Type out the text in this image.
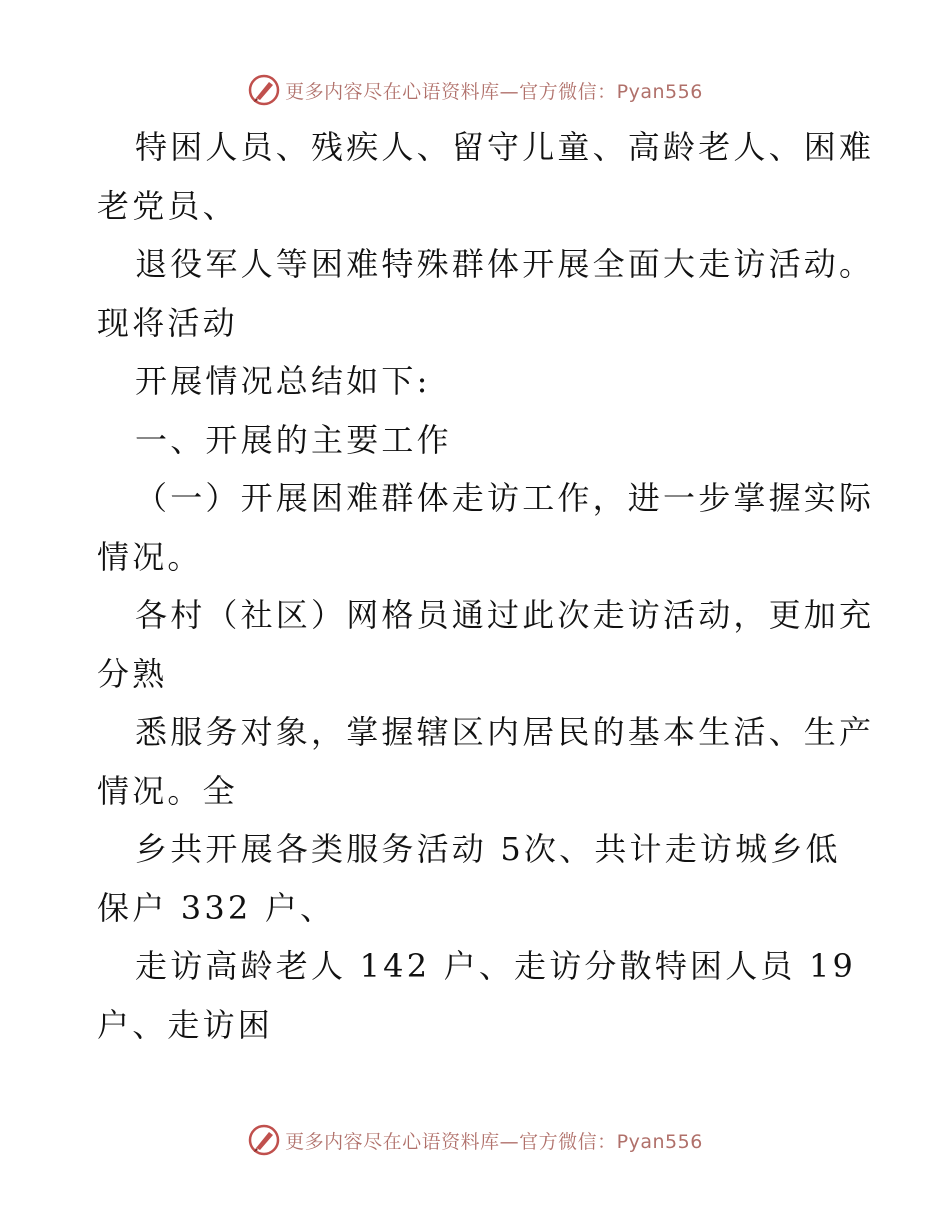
更多内容尽在心语资料库—官方微信：Pyan556
特困人员、残疾人、留守儿童、高龄老人、困难
老党员、
退役军人等困难特殊群体开展全面大走访活动。
现将活动
开展情况总结如下:
一、开展的主要工作
（一）开展困难群体走访工作，进一步掌握实际
情况。
各村（社区）网格员通过此次走访活动，更加充
分熟
悉服务对象，掌握辖区内居民的基本生活、生产
情况。全
乡共开展各类服务活动 5次、共计走访城乡低
保户 332 户、
走访高龄老人 142 户、走访分散特困人员 19
户、走访困
更多内容尽在心语资料库—官方微信：Pyan556
